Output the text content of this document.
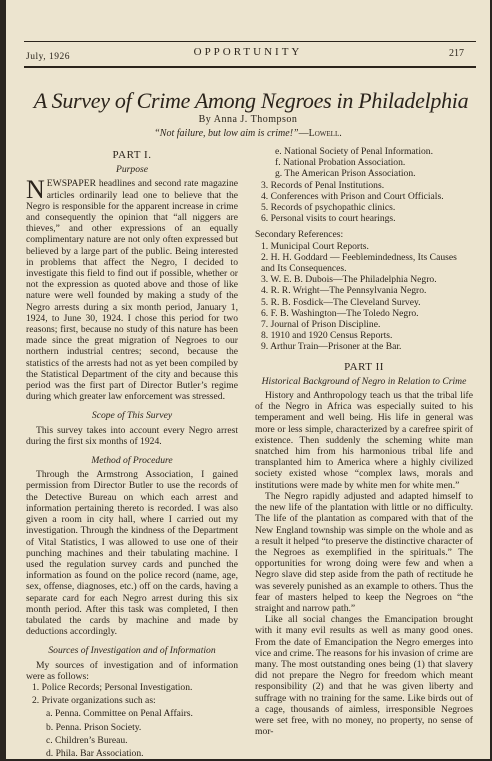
July, 1926	OPPORTUNITY	217
A Survey of Crime Among Negroes in Philadelphia
By Anna J. Thompson
“Not failure, but low aim is crime!”—Lowell.
PART I.
Purpose

NEWSPAPER headlines and second rate magazine articles ordinarily lead one to believe that the Negro is responsible for the apparent increase in crime and consequently the opinion that “all niggers are thieves,” and other expressions of an equally complimentary nature are not only often expressed but believed by a large part of the public. Being interested in problems that affect the Negro, I decided to investigate this field to find out if possible, whether or not the expression as quoted above and those of like nature were well founded by making a study of the Negro arrests during a six month period, January 1, 1924, to June 30, 1924. I chose this period for two reasons; first, because no study of this nature has been made since the great migration of Negroes to our northern industrial centres; second, because the statistics of the arrests had not as yet been compiled by the Statistical Department of the city and because this period was the first part of Director Butler’s regime during which greater law enforcement was stressed.

Scope of This Survey

This survey takes into account every Negro arrest during the first six months of 1924.

Method of Procedure

Through the Armstrong Association, I gained permission from Director Butler to use the records of the Detective Bureau on which each arrest and information pertaining thereto is recorded. I was also given a room in city hall, where I carried out my investigation. Through the kindness of the Department of Vital Statistics, I was allowed to use one of their punching machines and their tabulating machine. I used the regulation survey cards and punched the information as found on the police record (name, age, sex, offense, diagnoses, etc.) off on the cards, having a separate card for each Negro arrest during this six month period. After this task was completed, I then tabulated the cards by machine and made by deductions accordingly.

Sources of Investigation and of Information

My sources of investigation and of information were as follows:

1. Police Records; Personal Investigation.
2. Private organizations such as:
a. Penna. Committee on Penal Affairs.
b. Penna. Prison Society.
c. Children’s Bureau.
d. Phila. Bar Association.
e. National Society of Penal Information.
f. National Probation Association.
g. The American Prison Association.
3. Records of Penal Institutions.
4. Conferences with Prison and Court Officials.
5. Records of psychopathic clinics.
6. Personal visits to court hearings.
Secondary References:
1. Municipal Court Reports.
2. H. H. Goddard — Feeblemindedness, Its Causes and Its Consequences.
3. W. E. B. Dubois—The Philadelphia Negro.
4. R. R. Wright—The Pennsylvania Negro.
5. R. B. Fosdick—The Cleveland Survey.
6. F. B. Washington—The Toledo Negro.
7. Journal of Prison Discipline.
8. 1910 and 1920 Census Reports.
9. Arthur Train—Prisoner at the Bar.
PART II
Historical Background of Negro in Relation to Crime

History and Anthropology teach us that the tribal life of the Negro in Africa was especially suited to his temperament and well being. His life in general was more or less simple, characterized by a carefree spirit of existence. Then suddenly the scheming white man snatched him from his harmonious tribal life and transplanted him to America where a highly civilized society existed whose “complex laws, morals and institutions were made by white men for white men.”

The Negro rapidly adjusted and adapted himself to the new life of the plantation with little or no difficulty. The life of the plantation as compared with that of the New England township was simple on the whole and as a result it helped “to preserve the distinctive character of the Negroes as exemplified in the spirituals.” The opportunities for wrong doing were few and when a Negro slave did step aside from the path of rectitude he was severely punished as an example to others. Thus the fear of masters helped to keep the Negroes on “the straight and narrow path.”

Like all social changes the Emancipation brought with it many evil results as well as many good ones. From the date of Emancipation the Negro emerges into vice and crime. The reasons for his invasion of crime are many. The most outstanding ones being (1) that slavery did not prepare the Negro for freedom which meant responsibility (2) and that he was given liberty and suffrage with no training for the same. Like birds out of a cage, thousands of aimless, irresponsible Negroes were set free, with no money, no property, no sense of mor-
